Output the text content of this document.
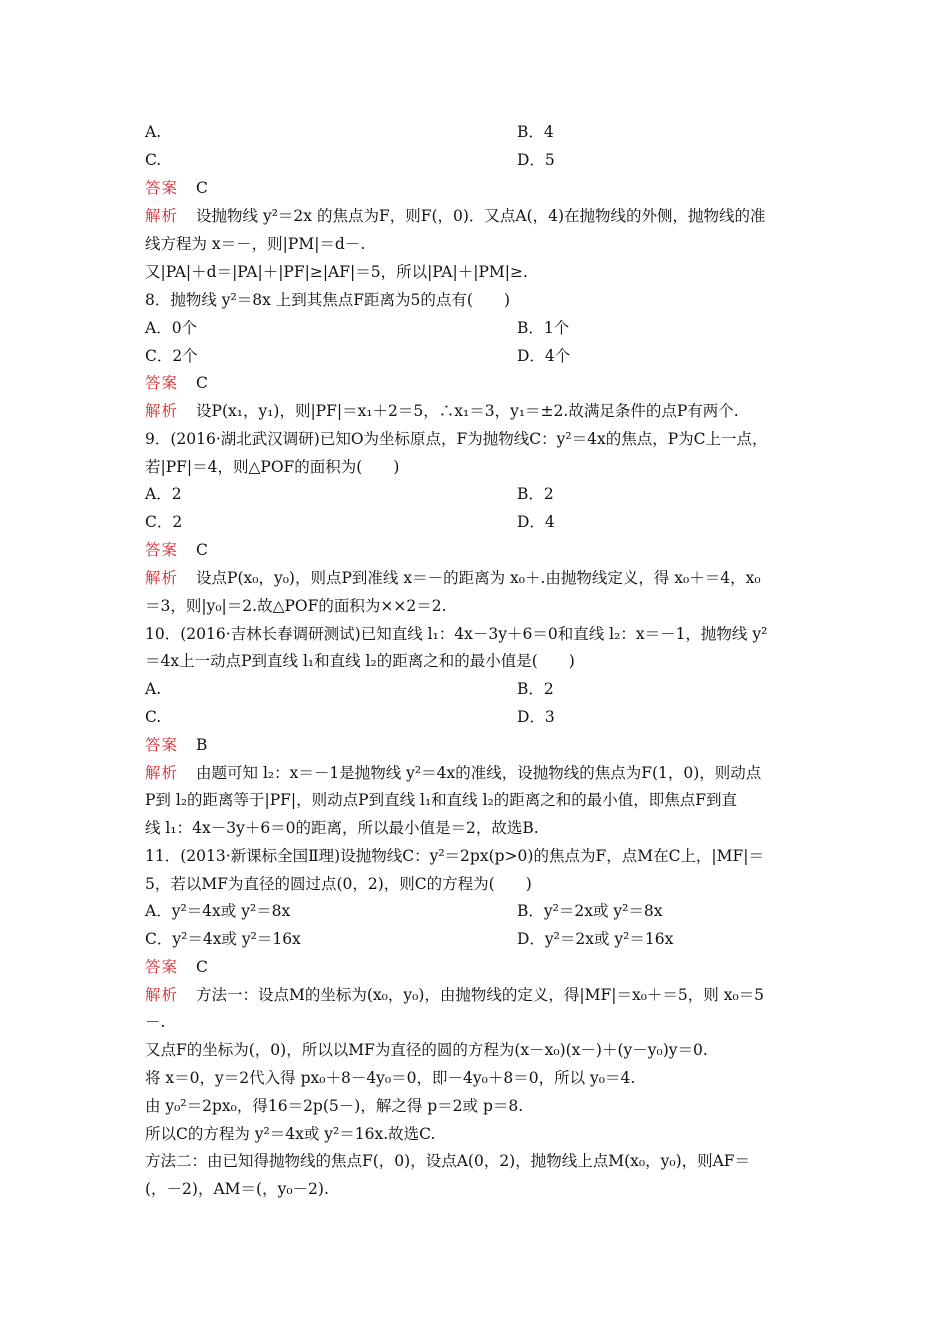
A.	B．4
C.	D．5
答案 C
解析 设抛物线 y²＝2x 的焦点为F，则F(，0)．又点A(，4)在抛物线的外侧，抛物线的准
线方程为 x＝－，则|PM|＝d－.
又|PA|＋d＝|PA|＋|PF|≥|AF|＝5，所以|PA|＋|PM|≥.
8．抛物线 y²＝8x 上到其焦点F距离为5的点有(　　)
A．0个	B．1个
C．2个	D．4个
答案 C
解析 设P(x₁，y₁)，则|PF|＝x₁＋2＝5，∴x₁＝3，y₁＝±2.故满足条件的点P有两个.
9．(2016·湖北武汉调研)已知O为坐标原点，F为抛物线C：y²＝4x的焦点，P为C上一点，
若|PF|＝4，则△POF的面积为(　　)
A．2	B．2
C．2	D．4
答案 C
解析 设点P(x₀，y₀)，则点P到准线 x＝－的距离为 x₀＋.由抛物线定义，得 x₀＋＝4，x₀
＝3，则|y₀|＝2.故△POF的面积为××2＝2.
10．(2016·吉林长春调研测试)已知直线 l₁：4x－3y＋6＝0和直线 l₂：x＝－1，抛物线 y²
＝4x上一动点P到直线 l₁和直线 l₂的距离之和的最小值是(　　)
A.	B．2
C.	D．3
答案 B
解析 由题可知 l₂：x＝－1是抛物线 y²＝4x的准线，设抛物线的焦点为F(1，0)，则动点
P到 l₂的距离等于|PF|，则动点P到直线 l₁和直线 l₂的距离之和的最小值，即焦点F到直
线 l₁：4x－3y＋6＝0的距离，所以最小值是＝2，故选B.
11．(2013·新课标全国Ⅱ理)设抛物线C：y²＝2px(p>0)的焦点为F，点M在C上，|MF|＝
5，若以MF为直径的圆过点(0，2)，则C的方程为(　　)
A．y²＝4x或 y²＝8x	B．y²＝2x或 y²＝8x
C．y²＝4x或 y²＝16x	D．y²＝2x或 y²＝16x
答案 C
解析 方法一：设点M的坐标为(x₀，y₀)，由抛物线的定义，得|MF|＝x₀＋＝5，则 x₀＝5
－.
又点F的坐标为(，0)，所以以MF为直径的圆的方程为(x－x₀)(x－)＋(y－y₀)y＝0.
将 x＝0，y＝2代入得 px₀＋8－4y₀＝0，即－4y₀＋8＝0，所以 y₀＝4.
由 y₀²＝2px₀，得16＝2p(5－)，解之得 p＝2或 p＝8.
所以C的方程为 y²＝4x或 y²＝16x.故选C.
方法二：由已知得抛物线的焦点F(，0)，设点A(0，2)，抛物线上点M(x₀，y₀)，则AF＝
(，－2)，AM＝(，y₀－2).
